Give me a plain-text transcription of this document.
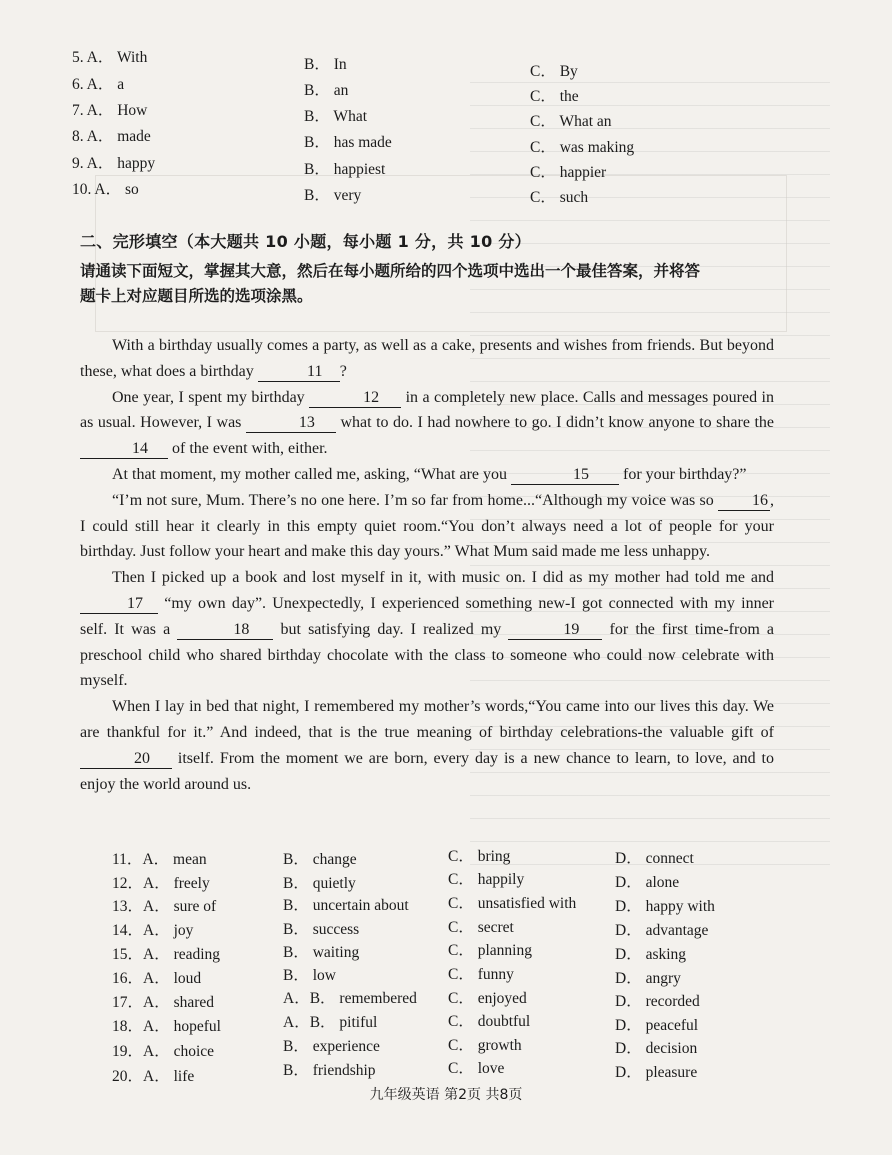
5. A． With	B． In	C． By
6. A． a	B． an	C． the
7. A． How	B． What	C． What an
8. A． made	B． has made	C． was making
9. A． happy	B． happiest	C． happier
10. A． so	B． very	C． such
二、完形填空（本大题共 10 小题，每小题 1 分，共 10 分）
请通读下面短文，掌握其大意，然后在每小题所给的四个选项中选出一个最佳答案，并将答
题卡上对应题目所选的选项涂黑。

With a birthday usually comes a party, as well as a cake, presents and wishes from friends. But beyond these, what does a birthday	11 ?

One year, I spent my birthday	12 in a completely new place. Calls and messages poured in as usual. However, I was	13 what to do. I had nowhere to go. I didn’t know anyone to share the 14 of the event with, either.

At that moment, my mother called me, asking, “What are you	15 for your birthday?”

“I’m not sure, Mum. There’s no one here. I’m so far from home...“Although my voice was so 16 , I could still hear it clearly in this empty quiet room.“You don’t always need a lot of people for your birthday. Just follow your heart and make this day yours.” What Mum said made me less unhappy.

Then I picked up a book and lost myself in it, with music on. I did as my mother had told me and 17 “my own day”. Unexpectedly, I experienced something new-I got connected with my inner self. It was a	18 but satisfying day. I realized my	19 for the first time-from a preschool child who shared birthday chocolate with the class to someone who could now celebrate with myself.

When I lay in bed that night, I remembered my mother’s words,“You came into our lives this day. We are thankful for it.” And indeed, that is the true meaning of birthday celebrations-the valuable gift of 20 itself. From the moment we are born, every day is a new chance to learn, to love, and to enjoy the world around us.

11．A． mean	B． change	C． bring	D． connect
12．A． freely	B． quietly	C． happily	D． alone
13．A． sure of	B． uncertain about	C． unsatisfied with D． happy with
14．A． joy	B． success	C． secret	D． advantage
15．A． reading	B． waiting	C． planning	D． asking
16．A． loud	B． low	C． funny	D． angry
17．A． shared	A．B． remembered C． enjoyed	D． recorded
18．A． hopeful	A．B． pitiful	C． doubtful	D． peaceful
19．A． choice	B． experience	C． growth	D． decision
20．A． life	B． friendship	C． love	D． pleasure
九年级英语 第2页 共8页
